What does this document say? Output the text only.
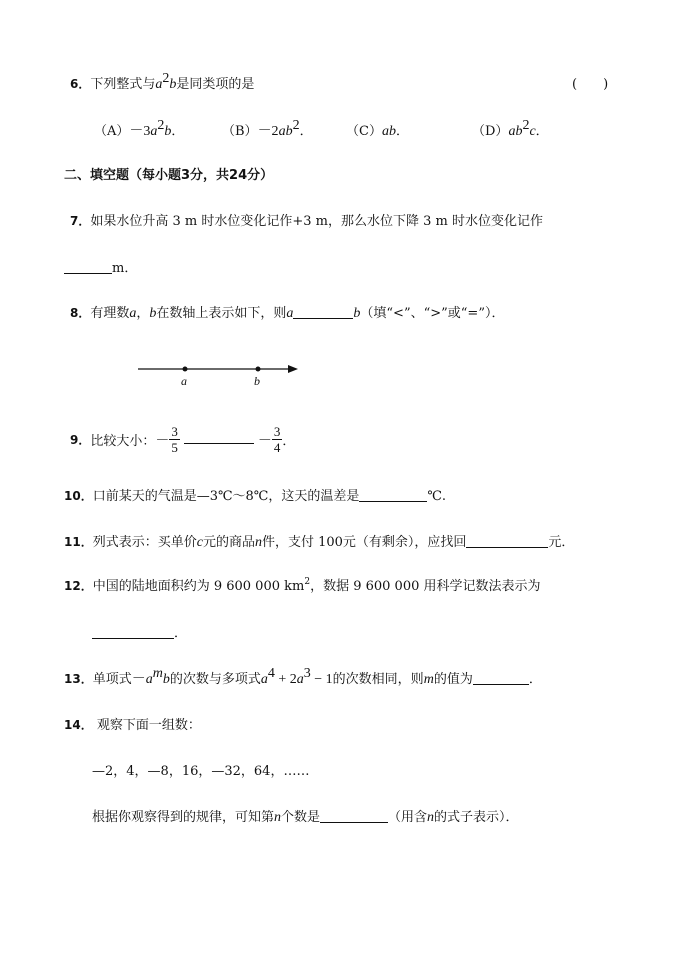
6．下列整式与$a^2b$是同类项的是	(　　)
$(A)-3a^2b$．	$(B)-2ab^2$．	（C）ab．	$(D)ab^2c$．
二、填空题（每小题3分，共24分）
7．如果水位升高 3 m 时水位变化记作+3 m，那么水位下降 3 m 时水位变化记作
m．
8．有理数a，b在数轴上表示如下，则a	b（填“<”、“>”或“=”）．
a	b
9． 比较大小： － $\frac{3}{5}$	－ $\frac{3}{4}$ ．
10．口前某天的气温是—3℃～8℃，这天的温差是	℃.
11．列式表示：买单价c元的商品n件，支付 100元（有剩余），应找回	元．
12．中国的陆地面积约为 9 600 000 $km^2$，数据 9 600 000 用科学记数法表示为
．
13．单项式$-a^mb$的次数与多项式$a^4 + 2a^3 - 1$的次数相同，则m的值为	．
14． 观察下面一组数：
—2，4，—8，16，—32，64，……
根据你观察得到的规律，可知第n个数是	（用含n的式子表示）．
